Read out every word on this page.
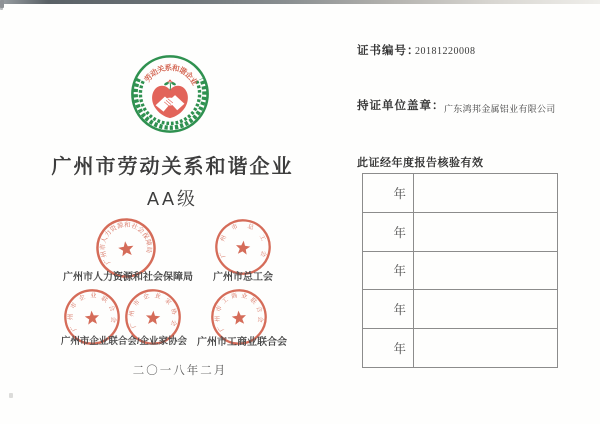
劳动关系和谐企业
广州市劳动关系和谐企业
AA级
广州市人力资源和社会保障局
广州市总工会
广州市企业联合会
广州市企业家协会
广州市工商业联合会
广州市人力资源和社会保障局	广州市总工会
广州市企业联合会/企业家协会 广州市工商业联合会
二〇一八年二月
证书编号：
20181220008
持证单位盖章： 广东鸿邦金属铝业有限公司
此证经年度报告核验有效
年
年
年
年
年
